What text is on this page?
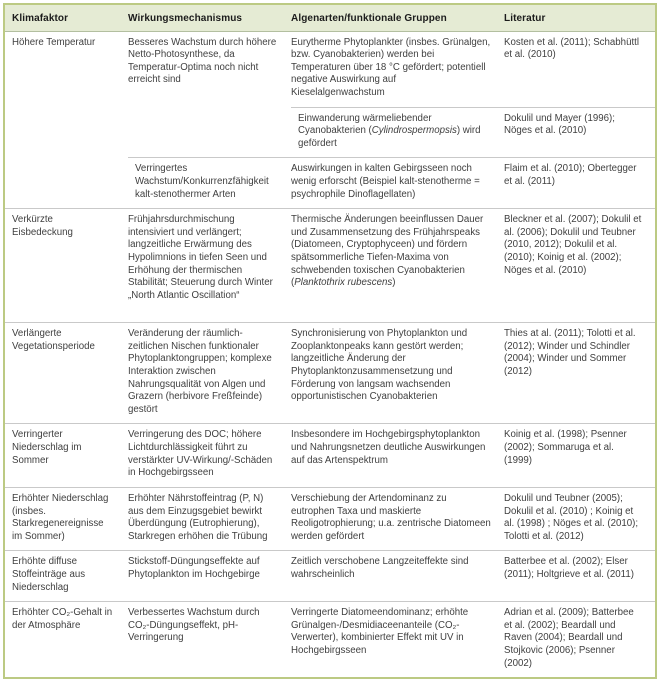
Klimafaktor	Wirkungsmechanismus	Algenarten/funktionale Gruppen	Literatur
Höhere Temperatur	Besseres Wachstum durch höhere Netto-Photosynthese, da Temperatur-Optima noch nicht erreicht sind	Eurytherme Phytoplankter (insbes. Grünalgen, bzw. Cyanobakterien) werden bei Temperaturen über 18 °C gefördert; potentiell negative Auswirkung auf Kieselalgenwachstum	Kosten et al. (2011); Schabhüttl et al. (2010)
		Einwanderung wärmeliebender Cyanobakterien (Cylindrospermopsis) wird gefördert	Dokulil und Mayer (1996); Nöges et al. (2010)
	Verringertes Wachstum/Konkurrenzfähigkeit kalt-stenothermer Arten	Auswirkungen in kalten Gebirgsseen noch wenig erforscht (Beispiel kalt-stenotherme = psychrophile Dinoflagellaten)	Flaim et al. (2010); Obertegger et al. (2011)
Verkürzte Eisbedeckung	Frühjahrsdurchmischung intensiviert und verlängert; langzeitliche Erwärmung des Hypolimnions in tiefen Seen und Erhöhung der thermischen Stabilität; Steuerung durch Winter „North Atlantic Oscillation“	Thermische Änderungen beeinflussen Dauer und Zusammensetzung des Frühjahrspeaks (Diatomeen, Cryptophyceen) und fördern spätsommerliche Tiefen-Maxima von schwebenden toxischen Cyanobakterien (Planktothrix rubescens)	Bleckner et al. (2007); Dokulil et al. (2006); Dokulil und Teubner (2010, 2012); Dokulil et al. (2010); Koinig et al. (2002); Nöges et al. (2010)
Verlängerte Vegetationsperiode	Veränderung der räumlich-zeitlichen Nischen funktionaler Phytoplanktongruppen; komplexe Interaktion zwischen Nahrungsqualität von Algen und Grazern (herbivore Freßfeinde) gestört	Synchronisierung von Phytoplankton und Zooplanktonpeaks kann gestört werden; langzeitliche Änderung der Phytoplanktonzusammensetzung und Förderung von langsam wachsenden opportunistischen Cyanobakterien	Thies at al. (2011); Tolotti et al. (2012); Winder und Schindler (2004); Winder und Sommer (2012)
Verringerter Niederschlag im Sommer	Verringerung des DOC; höhere Lichtdurchlässigkeit führt zu verstärkter UV-Wirkung/-Schäden in Hochgebirgsseen	Insbesondere im Hochgebirgsphytoplankton und Nahrungsnetzen deutliche Auswirkungen auf das Artenspektrum	Koinig et al. (1998); Psenner (2002); Sommaruga et al. (1999)
Erhöhter Niederschlag (insbes. Starkregenereignisse im Sommer)	Erhöhter Nährstoffeintrag (P, N) aus dem Einzugsgebiet bewirkt Überdüngung (Eutrophierung), Starkregen erhöhen die Trübung	Verschiebung der Artendominanz zu eutrophen Taxa und maskierte Reoligotrophierung; u.a. zentrische Diatomeen werden gefördert	Dokulil und Teubner (2005); Dokulil et al. (2010) ; Koinig et al. (1998) ; Nöges et al. (2010); Tolotti et al. (2012)
Erhöhte diffuse Stoffeinträge aus Niederschlag	Stickstoff-Düngungseffekte auf Phytoplankton im Hochgebirge	Zeitlich verschobene Langzeiteffekte sind wahrscheinlich	Batterbee et al. (2002); Elser (2011); Holtgrieve et al. (2011)
Erhöhter CO₂-Gehalt in der Atmosphäre	Verbessertes Wachstum durch CO₂-Düngungseffekt, pH-Verringerung	Verringerte Diatomeendominanz; erhöhte Grünalgen-/Desmidiaceenanteile (CO₂-Verwerter), kombinierter Effekt mit UV in Hochgebirgsseen	Adrian et al. (2009); Batterbee et al. (2002); Beardall und Raven (2004); Beardall und Stojkovic (2006); Psenner (2002)
